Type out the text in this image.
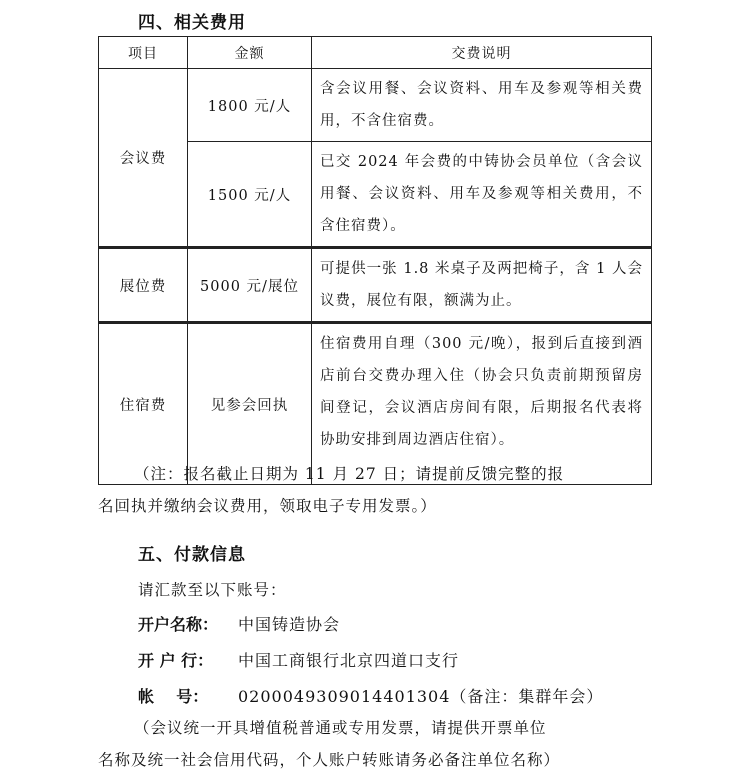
四、相关费用
项目	金额	交费说明
会议费	1800 元/人	含会议用餐、会议资料、用车及参观等相关费用，不含住宿费。
	1500 元/人	已交 2024 年会费的中铸协会员单位（含会议用餐、会议资料、用车及参观等相关费用，不含住宿费）。
展位费	5000 元/展位	可提供一张 1.8 米桌子及两把椅子，含 1 人会议费，展位有限，额满为止。
住宿费	见参会回执	住宿费用自理（300 元/晚），报到后直接到酒店前台交费办理入住（协会只负责前期预留房间登记，会议酒店房间有限，后期报名代表将协助安排到周边酒店住宿）。
（注：报名截止日期为 11 月 27 日；请提前反馈完整的报
名回执并缴纳会议费用，领取电子专用发票。）
五、付款信息
请汇款至以下账号：
开户名称： 中国铸造协会
开 户 行： 中国工商银行北京四道口支行
帐    号： 0200049309014401304（备注：集群年会）
（会议统一开具增值税普通或专用发票，请提供开票单位
名称及统一社会信用代码，个人账户转账请务必备注单位名称）
